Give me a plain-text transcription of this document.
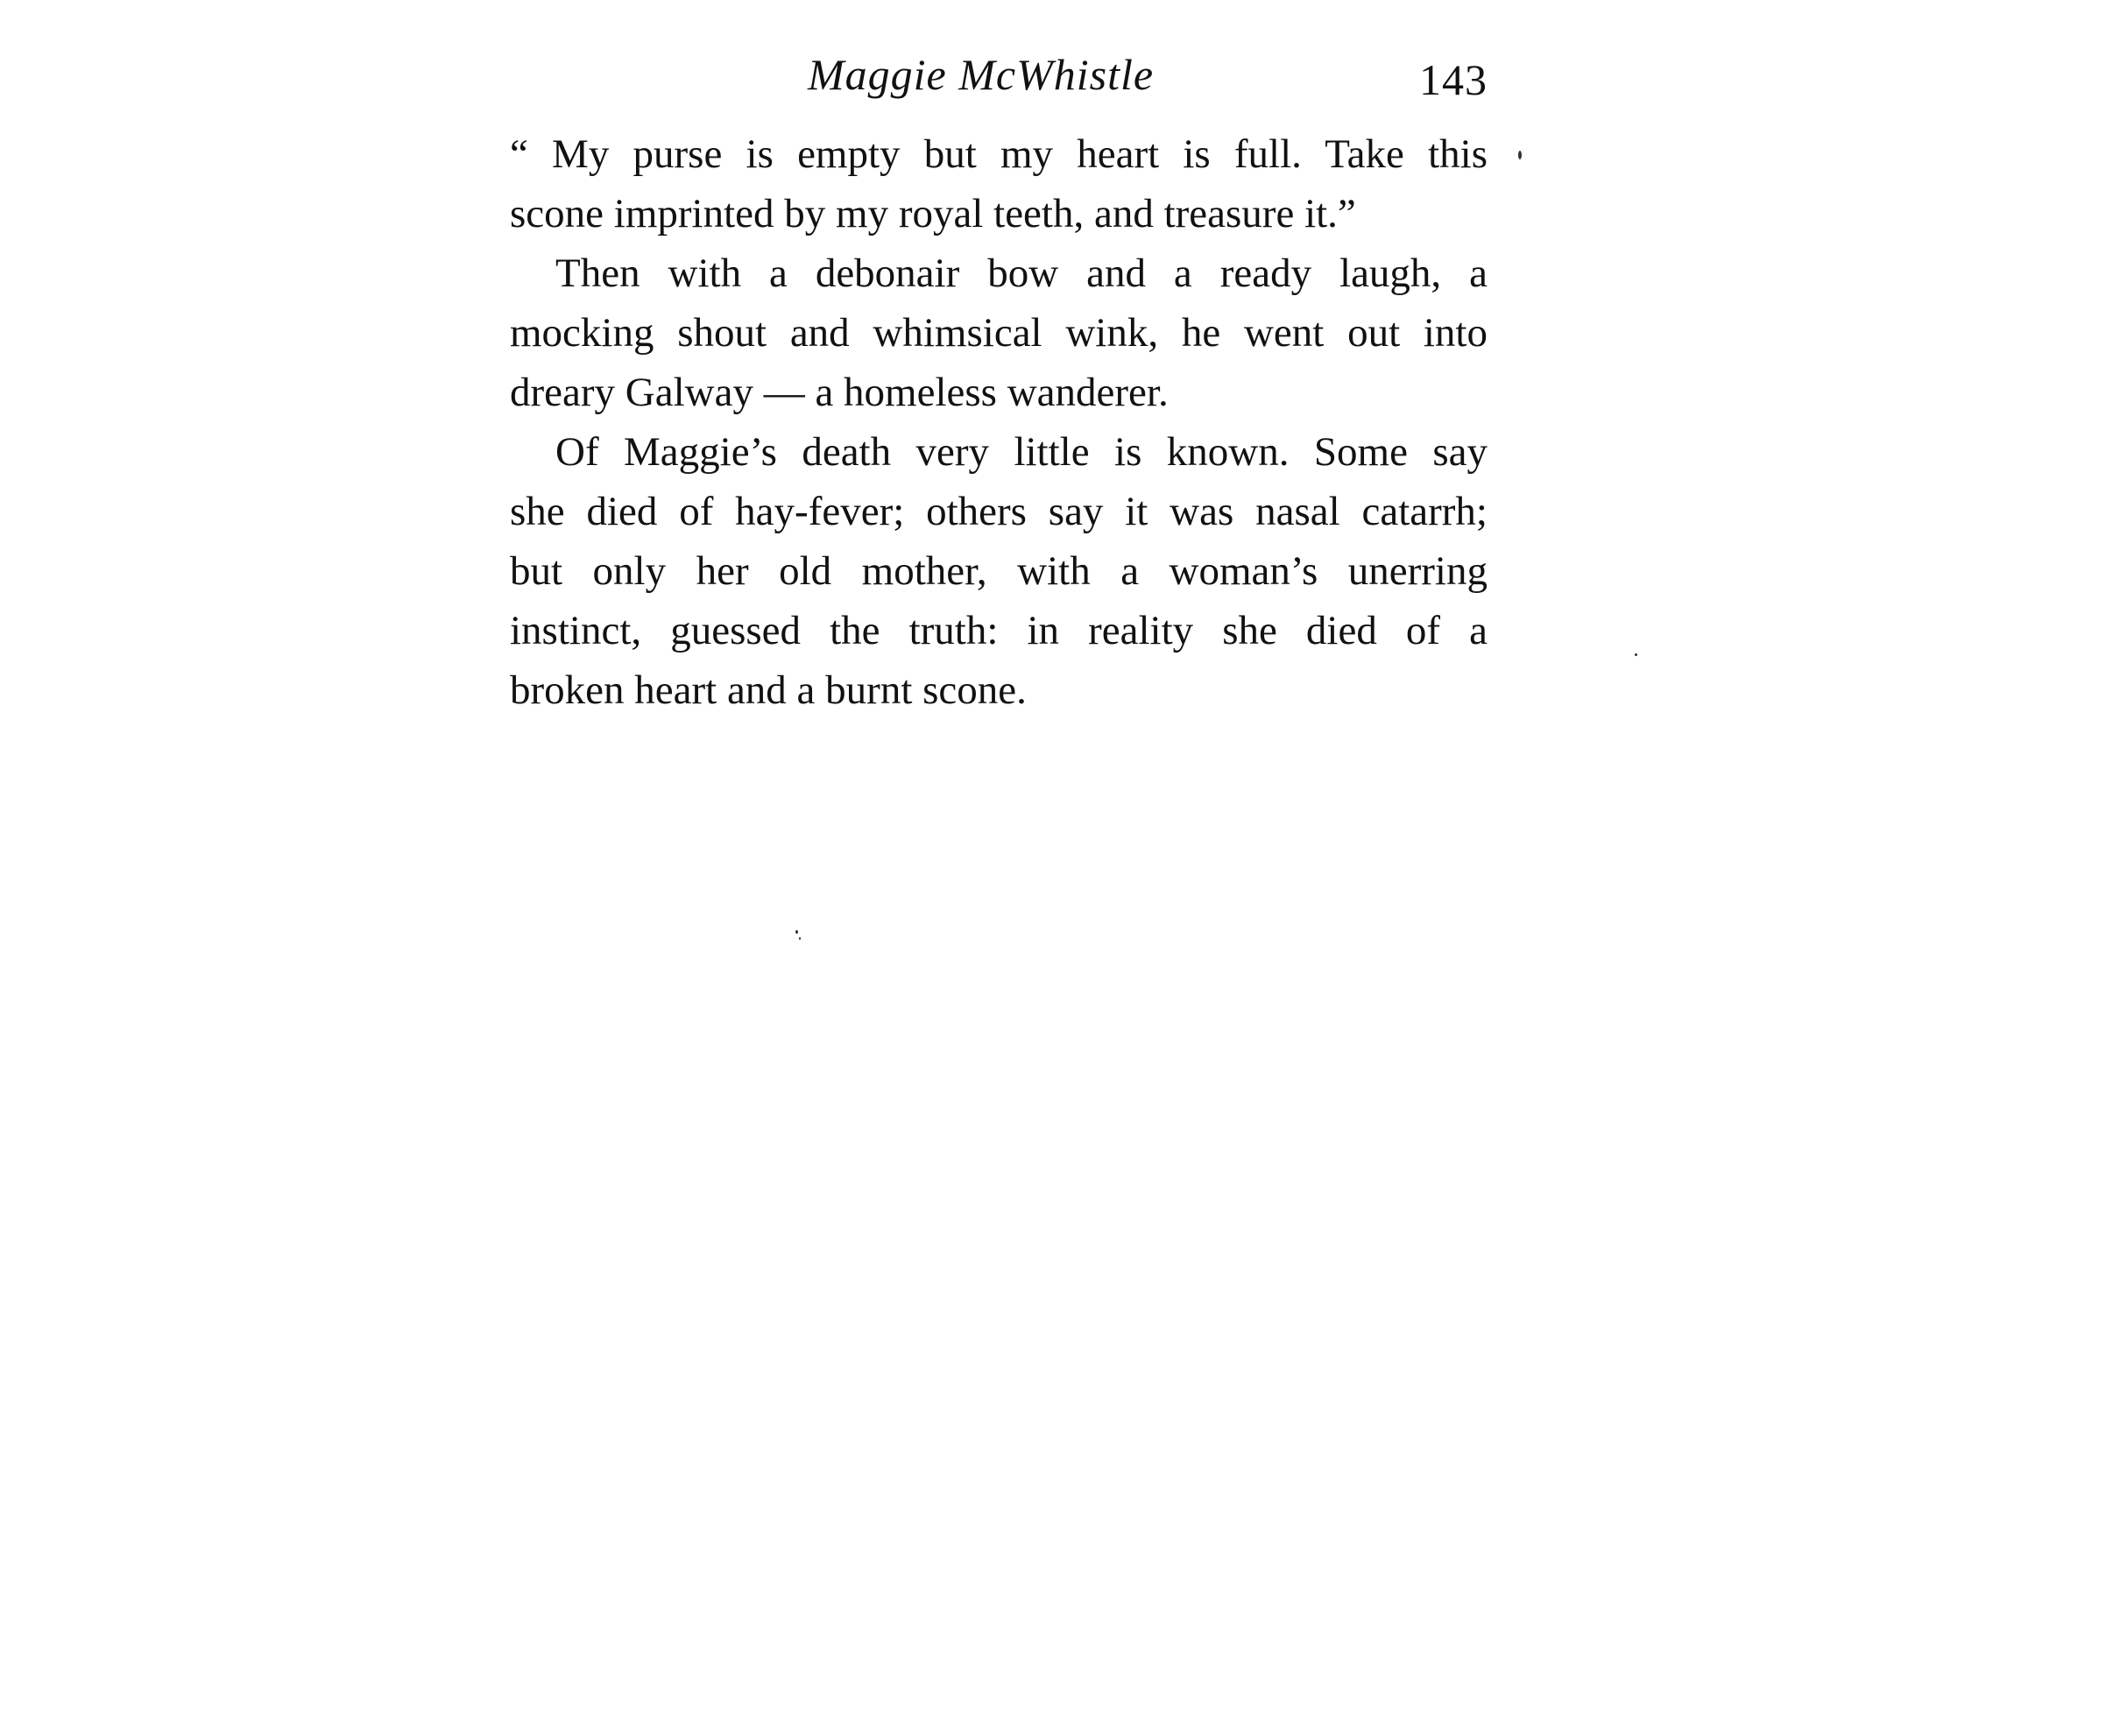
Maggie McWhistle	143

“ My purse is empty but my heart is full. Take this
scone imprinted by my royal teeth, and treasure it.”

Then with a debonair bow and a ready laugh, a
mocking shout and whimsical wink, he went out into
dreary Galway — a homeless wanderer.

Of Maggie’s death very little is known. Some say
she died of hay-fever; others say it was nasal catarrh;
but only her old mother, with a woman’s unerring
instinct, guessed the truth: in reality she died of a
broken heart and a burnt scone.
